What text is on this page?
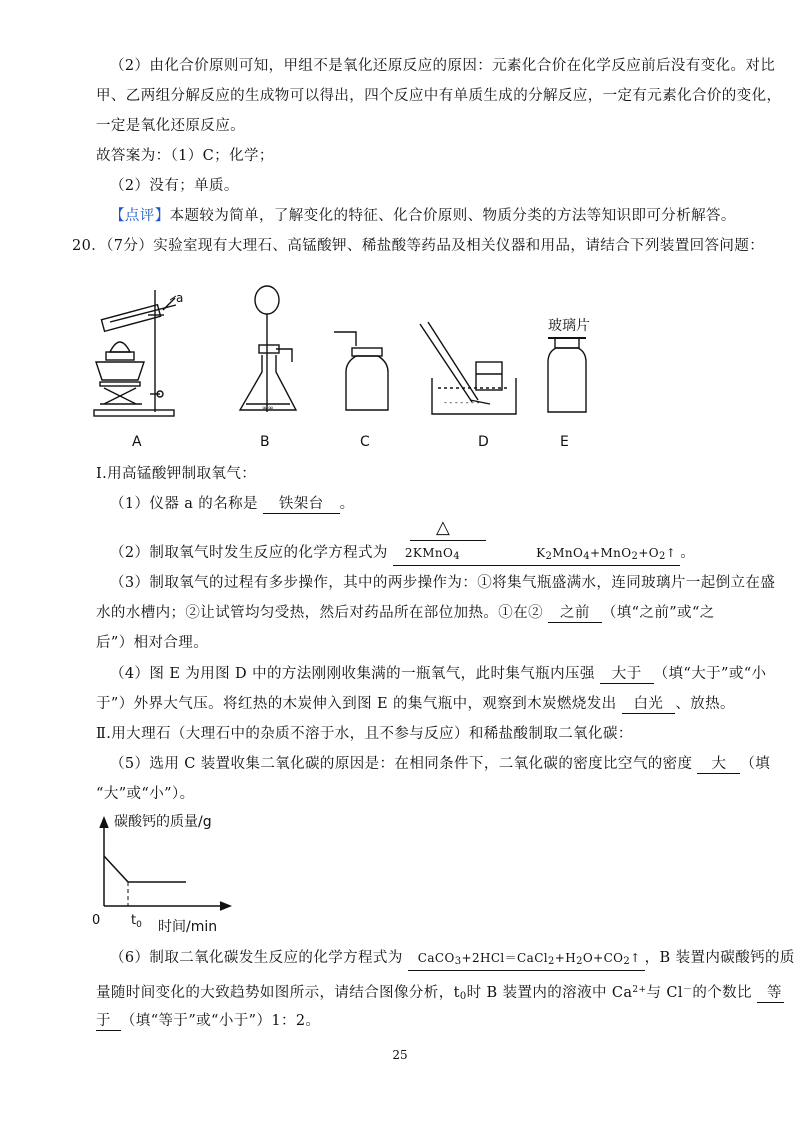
（2）由化合价原则可知，甲组不是氧化还原反应的原因：元素化合价在化学反应前后没有变化。对比
甲、乙两组分解反应的生成物可以得出，四个反应中有单质生成的分解反应，一定有元素化合价的变化，
一定是氧化还原反应。
故答案为：（1）C；化学；
（2）没有；单质。
【点评】本题较为简单，了解变化的特征、化合价原则、物质分类的方法等知识即可分析解答。
20．（7分）实验室现有大理石、高锰酸钾、稀盐酸等药品及相关仪器和用品，请结合下列装置回答问题：
∞∞
- - - - - - -
a
玻璃片
A	B	C	D	E
Ⅰ.用高锰酸钾制取氧气：
（1）仪器 a 的名称是 铁架台 。
△
（2）制取氧气时发生反应的化学方程式为 2KMnO$_4$	$K_2MnO_4+MnO_2+O_2↑$ 。
（3）制取氧气的过程有多步操作，其中的两步操作为：①将集气瓶盛满水，连同玻璃片一起倒立在盛
水的水槽内；②让试管均匀受热，然后对药品所在部位加热。①在② 之前 （填“之前”或“之
后”）相对合理。
（4）图 E 为用图 D 中的方法刚刚收集满的一瓶氧气，此时集气瓶内压强 大于 （填“大于”或“小
于”）外界大气压。将红热的木炭伸入到图 E 的集气瓶中，观察到木炭燃烧发出 白光 、放热。
Ⅱ.用大理石（大理石中的杂质不溶于水，且不参与反应）和稀盐酸制取二氧化碳：
（5）选用 C 装置收集二氧化碳的原因是：在相同条件下，二氧化碳的密度比空气的密度 大 （填
“大”或“小”）。
碳酸钙的质量/g
时间/min
0 $t_0$
（6）制取二氧化碳发生反应的化学方程式为 $CaCO_3+2HCl=CaCl_2+H_2O+CO_2↑$ ，B 装置内碳酸钙的质
量随时间变化的大致趋势如图所示，请结合图像分析，$t_0$时 B 装置内的溶液中 $Ca^{2+}$与 Cl－的个数比 等
于 （填“等于”或“小于”）1：2。
25
